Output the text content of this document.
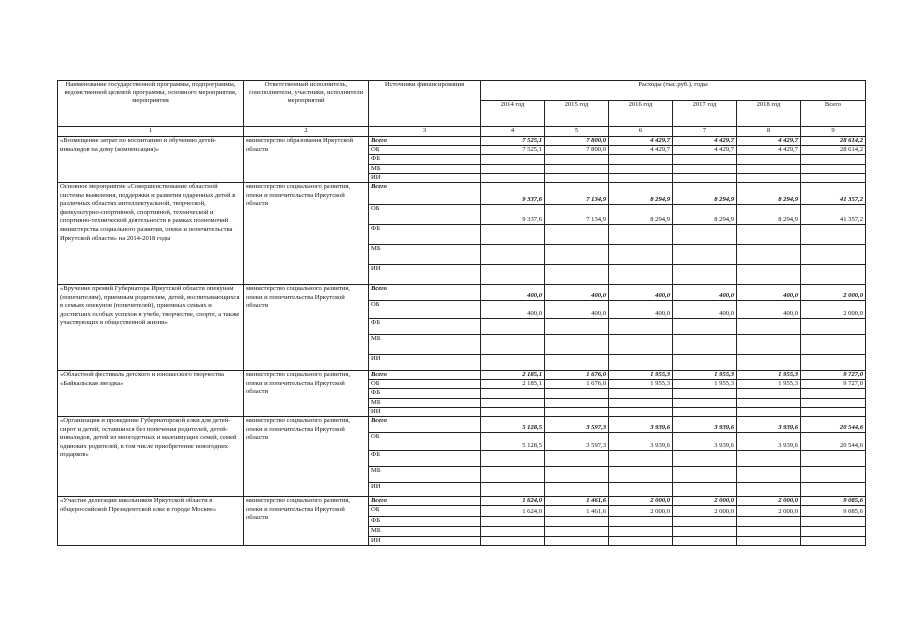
Наименование государственной программы, подпрограммы, ведомственной целевой программы, основного мероприятия, мероприятия	Ответственный исполнитель, соисполнители, участники, исполнители мероприятий	Источники финансирования	Расходы (тыс.руб.), годы					
			2014 год	2015 год	2016 год	2017 год	2018 год	Всего
1	2	3	4	5	6	7	8	9
«Возмещение затрат по воспитанию и обучению детей-инвалидов на дому (компенсация)»	министерство образования Иркутской области	Всего	7 525,1	7 800,0	4 429,7	4 429,7	4 429,7	28 614,2
		ОБ	7 525,1	7 800,0	4 429,7	4 429,7	4 429,7	28 614,2
		ФБ						
		МБ						
		ИИ						
Основное мероприятие «Совершенствование областной системы выявления, поддержки и развития одаренных детей в различных областях интеллектуальной, творческой, физкультурно-спортивной, спортивной, технической и спортивно-технической деятельности в рамках полномочий министерства социального развития, опеки и попечительства Иркутской области» на 2014-2018 годы	министерство социального развития, опеки и попечительства Иркутской области	Всего	9 337,6	7 134,9	8 294,9	8 294,9	8 294,9	41 357,2
		ОБ	9 337,6	7 134,9	8 294,9	8 294,9	8 294,9	41 357,2
		ФБ						
		МБ						
		ИИ						
«Вручение премий Губернатора Иркутской области опекунам (попечителям), приемным родителям, детей, воспитывающихся в семьях опекунов (попечителей), приемных семьях и достигших особых успехов в учебе, творчестве, спорте, а также участвующих в общественной жизни»	министерство социального развития, опеки и попечительства Иркутской области	Всего	400,0	400,0	400,0	400,0	400,0	2 000,0
		ОБ	400,0	400,0	400,0	400,0	400,0	2 000,0
		ФБ						
		МБ						
		ИИ						
«Областной фестиваль детского и юношеского творчества «Байкальская звездка»	министерство социального развития, опеки и попечительства Иркутской области	Всего	2 185,1	1 676,0	1 955,3	1 955,3	1 955,3	9 727,0
		ОБ	2 185,1	1 676,0	1 955,3	1 955,3	1 955,3	9 727,0
		ФБ						
		МБ						
		ИИ						
«Организация и проведение Губернаторской елки для детей-сирот и детей, оставшихся без попечения родителей, детей-инвалидов, детей из многодетных и малоимущих семей, семей одиноких родителей, в том числе приобретение новогодних подарков»	министерство социального развития, опеки и попечительства Иркутской области	Всего	5 128,5	3 597,3	3 939,6	3 939,6	3 939,6	20 544,6
		ОБ	5 128,5	3 597,3	3 939,6	3 939,6	3 939,6	20 544,6
		ФБ						
		МБ						
		ИИ						
«Участие делегации школьников Иркутской области в общероссийской Президентской елке в городе Москве»	министерство социального развития, опеки и попечительства Иркутской области	Всего	1 624,0	1 461,6	2 000,0	2 000,0	2 000,0	9 085,6
		ОБ	1 624,0	1 461,6	2 000,0	2 000,0	2 000,0	9 085,6
		ФБ						
		МБ						
		ИИ						
